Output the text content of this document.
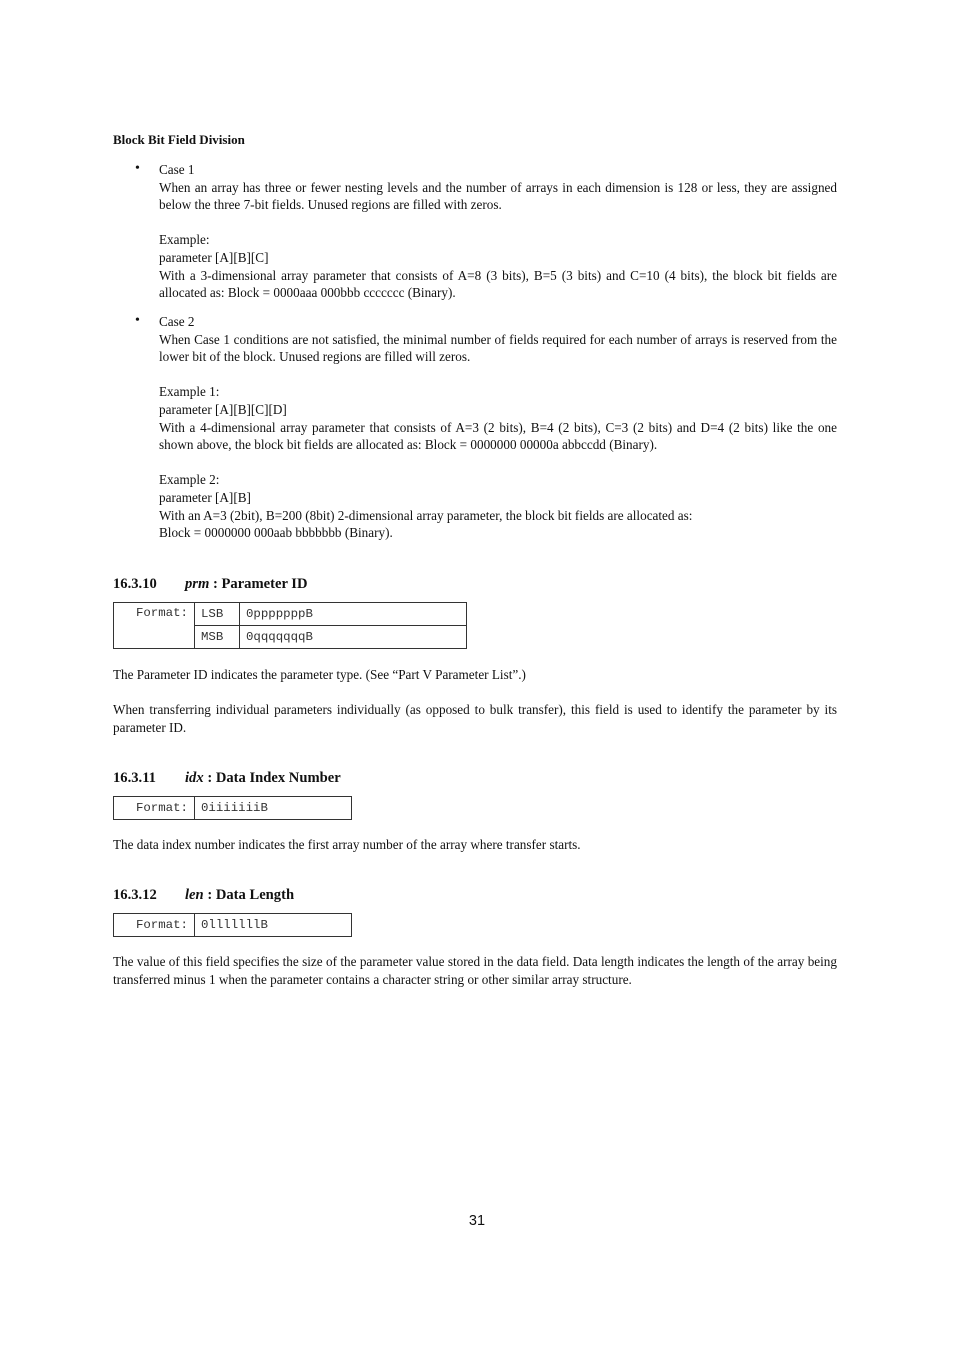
Block Bit Field Division
• Case 1

When an array has three or fewer nesting levels and the number of arrays in each dimension is 128 or less, they are assigned below the three 7-bit fields. Unused regions are filled with zeros.

Example:

parameter [A][B][C]

With a 3-dimensional array parameter that consists of A=8 (3 bits), B=5 (3 bits) and C=10 (4 bits), the block bit fields are allocated as: Block = 0000aaa 000bbb ccccccc (Binary).

• Case 2

When Case 1 conditions are not satisfied, the minimal number of fields required for each number of arrays is reserved from the lower bit of the block. Unused regions are filled will zeros.

Example 1:

parameter [A][B][C][D]

With a 4-dimensional array parameter that consists of A=3 (2 bits), B=4 (2 bits), C=3 (2 bits) and D=4 (2 bits) like the one shown above, the block bit fields are allocated as: Block = 0000000 00000a abbccdd (Binary).

Example 2:

parameter [A][B]

With an A=3 (2bit), B=200 (8bit) 2-dimensional array parameter, the block bit fields are allocated as:

Block = 0000000 000aab bbbbbbb (Binary).

16.3.10 prm : Parameter ID
Format:	LSB	0pppppppB
	MSB	0qqqqqqqB
The Parameter ID indicates the parameter type. (See “Part V Parameter List”.)
When transferring individual parameters individually (as opposed to bulk transfer), this field is used to identify the parameter by its parameter ID.
16.3.11 idx : Data Index Number
Format:	0iiiiiiiB
The data index number indicates the first array number of the array where transfer starts.
16.3.12 len : Data Length
Format:	0lllllllB
The value of this field specifies the size of the parameter value stored in the data field. Data length indicates the length of the array being transferred minus 1 when the parameter contains a character string or other similar array structure.
31
